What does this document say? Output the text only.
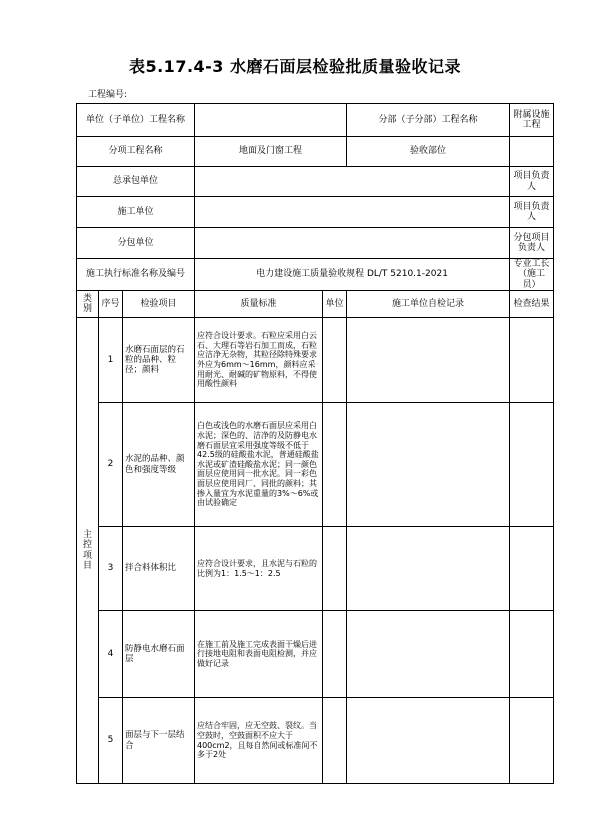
表5.17.4-3 水磨石面层检验批质量验收记录
工程编号:
单位（子单位）工程名称					分部（子分部）工程名称	附属设施工程
分项工程名称			地面及门窗工程		验收部位	
总承包单位						项目负责人
施工单位						项目负责人
分包单位						分包项目负责人
施工执行标准名称及编号			电力建设施工质量验收规程 DL/T 5210.1-2021			专业工长（施工员）
类别	序号	检验项目	质量标准	单位	施工单位自检记录	检查结果
主控项目	1	水磨石面层的石粒的品种、粒径；颜料	应符合设计要求。石粒应采用白云石、大理石等岩石加工而成，石粒应洁净无杂物，其粒径除特殊要求外应为6mm～16mm，颜料应采用耐光、耐碱的矿物原料，不得使用酸性颜料			
	2	水泥的品种、颜色和强度等级	白色或浅色的水磨石面层应采用白水泥；深色的、洁净的及防静电水磨石面层宜采用强度等级不低于42.5级的硅酸盐水泥，普通硅酸盐水泥或矿渣硅酸盐水泥；同一颜色面层应使用同一批水泥。同一彩色面层应使用同厂、同批的颜料；其掺入量宜为水泥重量的3%～6%或由试验确定			
	3	拌合料体积比	应符合设计要求，且水泥与石粒的比例为1：1.5～1：2.5			
	4	防静电水磨石面层	在施工前及施工完成表面干燥后进行接地电阻和表面电阻检测，并应做好记录			
	5	面层与下一层结合	应结合牢固，应无空鼓、裂纹。当空鼓时，空鼓面积不应大于400cm2，且每自然间或标准间不多于2处			
